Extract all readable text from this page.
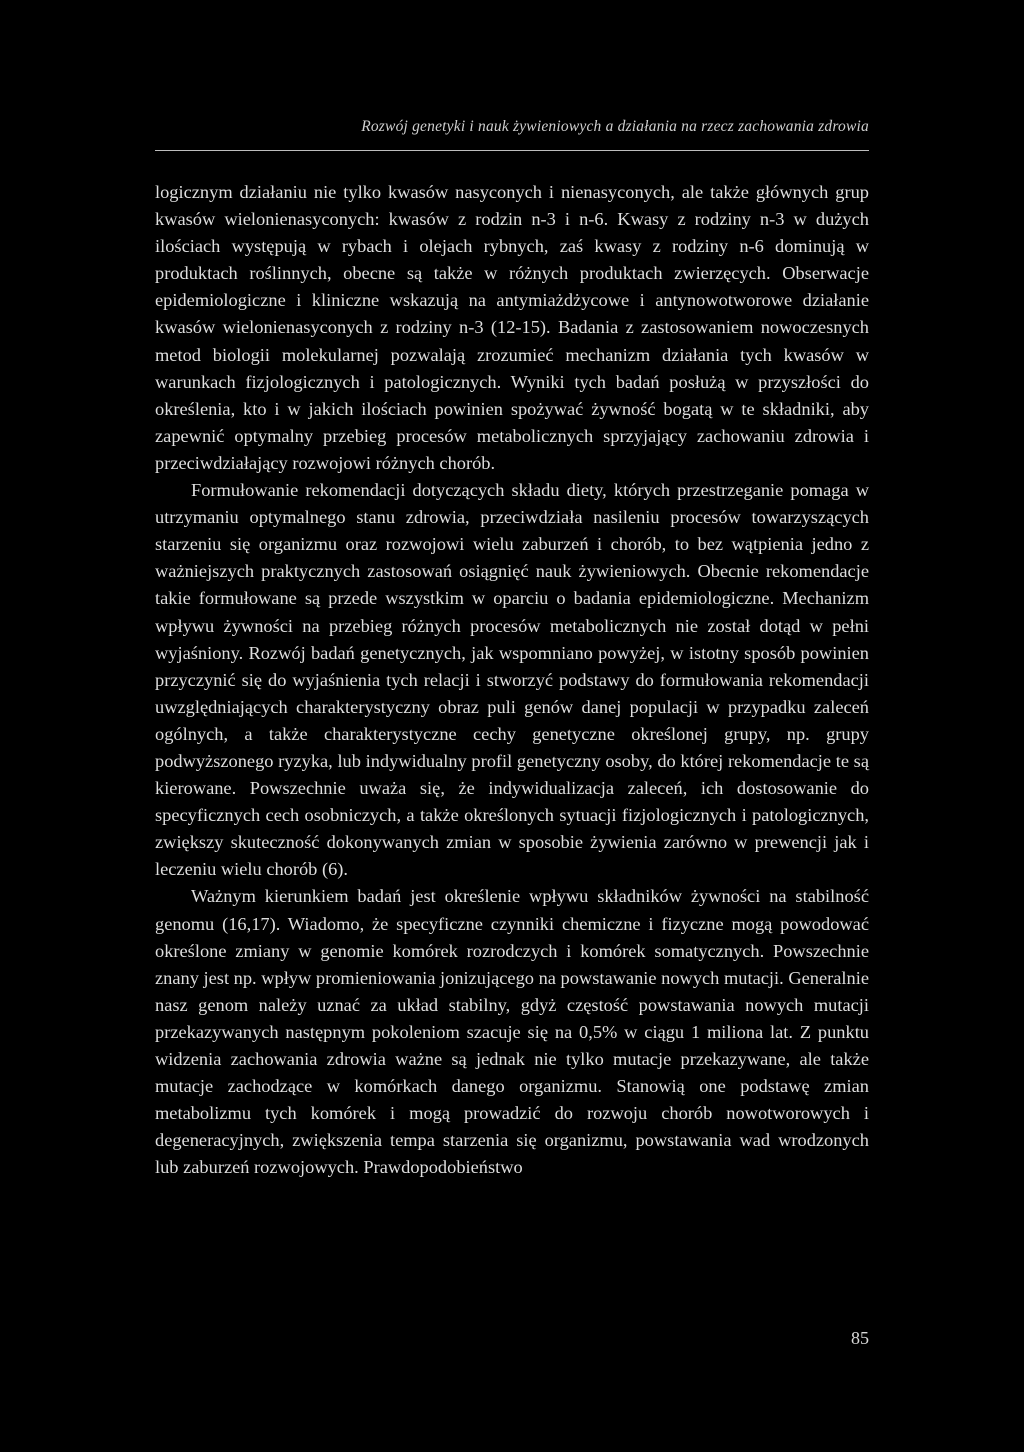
Rozwój genetyki i nauk żywieniowych a działania na rzecz zachowania zdrowia

logicznym działaniu nie tylko kwasów nasyconych i nienasyconych, ale także głównych grup kwasów wielonienasyconych: kwasów z rodzin n-3 i n-6. Kwasy z rodziny n-3 w dużych ilościach występują w rybach i olejach rybnych, zaś kwasy z rodziny n-6 dominują w produktach roślinnych, obecne są także w różnych produktach zwierzęcych. Obserwacje epidemiologiczne i kliniczne wskazują na antymiażdżycowe i antynowotworowe działanie kwasów wielonienasyconych z rodziny n-3 (12-15). Badania z zastosowaniem nowoczesnych metod biologii molekularnej pozwalają zrozumieć mechanizm działania tych kwasów w warunkach fizjologicznych i patologicznych. Wyniki tych badań posłużą w przyszłości do określenia, kto i w jakich ilościach powinien spożywać żywność bogatą w te składniki, aby zapewnić optymalny przebieg procesów metabolicznych sprzyjający zachowaniu zdrowia i przeciwdziałający rozwojowi różnych chorób.

Formułowanie rekomendacji dotyczących składu diety, których przestrzeganie pomaga w utrzymaniu optymalnego stanu zdrowia, przeciwdziała nasileniu procesów towarzyszących starzeniu się organizmu oraz rozwojowi wielu zaburzeń i chorób, to bez wątpienia jedno z ważniejszych praktycznych zastosowań osiągnięć nauk żywieniowych. Obecnie rekomendacje takie formułowane są przede wszystkim w oparciu o badania epidemiologiczne. Mechanizm wpływu żywności na przebieg różnych procesów metabolicznych nie został dotąd w pełni wyjaśniony. Rozwój badań genetycznych, jak wspomniano powyżej, w istotny sposób powinien przyczynić się do wyjaśnienia tych relacji i stworzyć podstawy do formułowania rekomendacji uwzględniających charakterystyczny obraz puli genów danej populacji w przypadku zaleceń ogólnych, a także charakterystyczne cechy genetyczne określonej grupy, np. grupy podwyższonego ryzyka, lub indywidualny profil genetyczny osoby, do której rekomendacje te są kierowane. Powszechnie uważa się, że indywidualizacja zaleceń, ich dostosowanie do specyficznych cech osobniczych, a także określonych sytuacji fizjologicznych i patologicznych, zwiększy skuteczność dokonywanych zmian w sposobie żywienia zarówno w prewencji jak i leczeniu wielu chorób (6).

Ważnym kierunkiem badań jest określenie wpływu składników żywności na stabilność genomu (16,17). Wiadomo, że specyficzne czynniki chemiczne i fizyczne mogą powodować określone zmiany w genomie komórek rozrodczych i komórek somatycznych. Powszechnie znany jest np. wpływ promieniowania jonizującego na powstawanie nowych mutacji. Generalnie nasz genom należy uznać za układ stabilny, gdyż częstość powstawania nowych mutacji przekazywanych następnym pokoleniom szacuje się na 0,5% w ciągu 1 miliona lat. Z punktu widzenia zachowania zdrowia ważne są jednak nie tylko mutacje przekazywane, ale także mutacje zachodzące w komórkach danego organizmu. Stanowią one podstawę zmian metabolizmu tych komórek i mogą prowadzić do rozwoju chorób nowotworowych i degeneracyjnych, zwiększenia tempa starzenia się organizmu, powstawania wad wrodzonych lub zaburzeń rozwojowych. Prawdopodobieństwo

85
